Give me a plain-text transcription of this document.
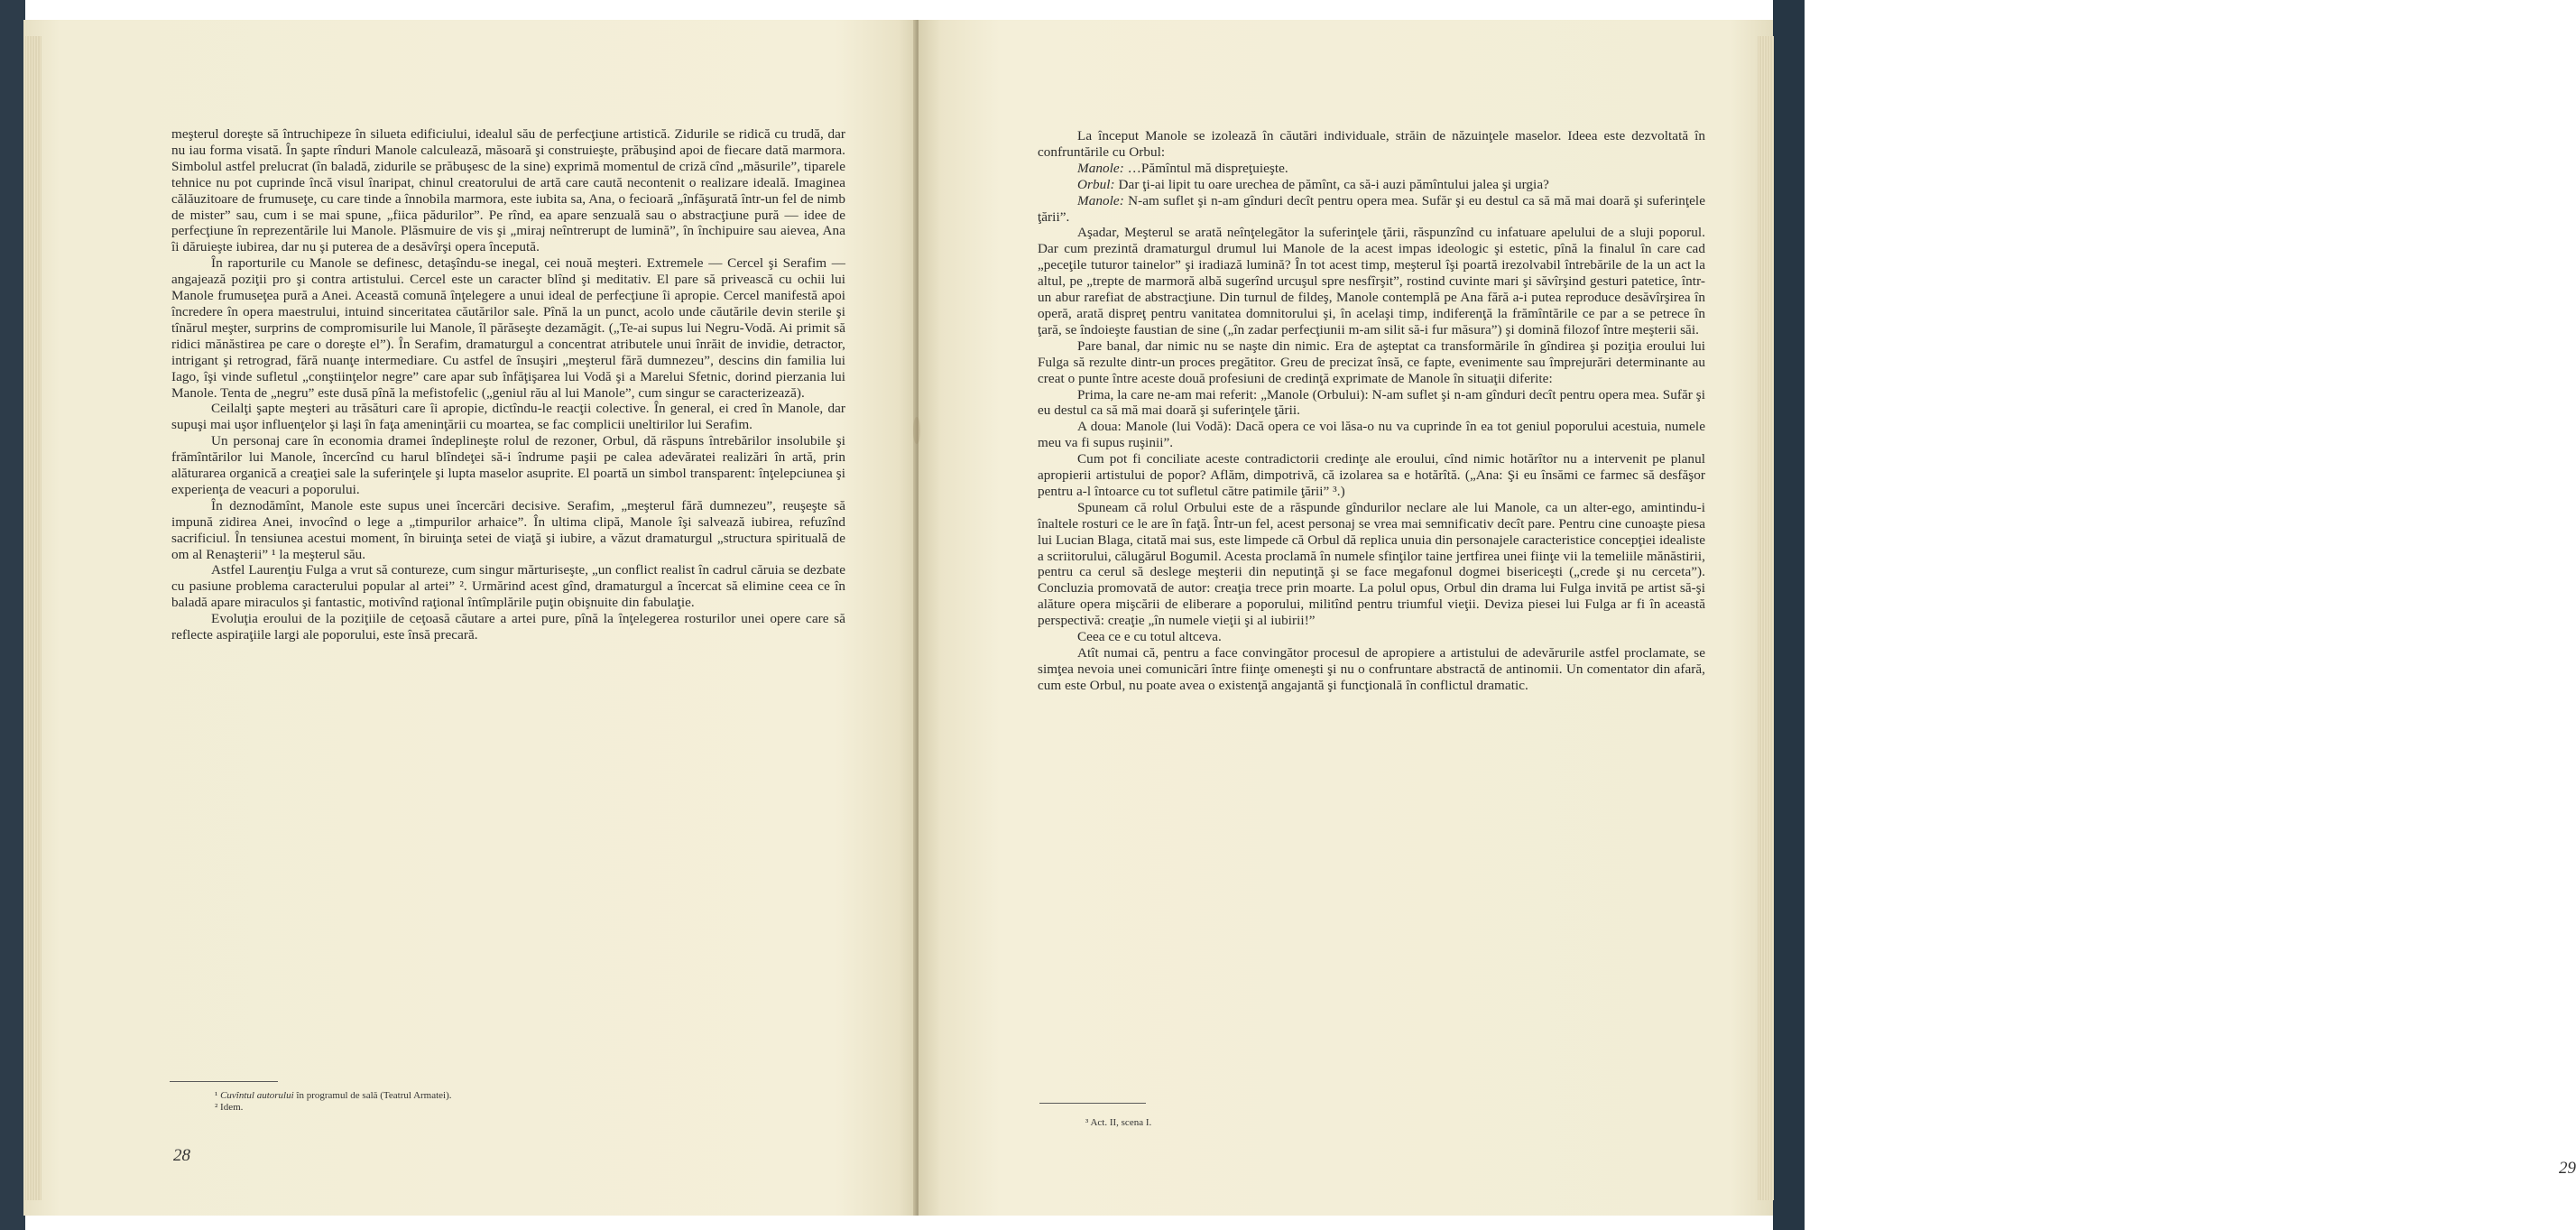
meşterul doreşte să întruchipeze în silueta edificiului, idealul său de perfecţiune artistică. Zidurile se ridică cu trudă, dar nu iau forma visată. În şapte rînduri Manole calculează, măsoară şi construieşte, prăbuşind apoi de fiecare dată marmora. Simbolul astfel prelucrat (în baladă, zidurile se prăbuşesc de la sine) exprimă momentul de criză cînd „măsurile”, tiparele tehnice nu pot cuprinde încă visul înaripat, chinul creatorului de artă care caută necontenit o realizare ideală. Imaginea călăuzitoare de frumuseţe, cu care tinde a înnobila marmora, este iubita sa, Ana, o fecioară „înfăşurată într-un fel de nimb de mister” sau, cum i se mai spune, „fiica pădurilor”. Pe rînd, ea apare senzuală sau o abstracţiune pură — idee de perfecţiune în reprezentările lui Manole. Plăsmuire de vis şi „miraj neîntrerupt de lumină”, în închipuire sau aievea, Ana îi dăruieşte iubirea, dar nu şi puterea de a desăvîrşi opera începută.

În raporturile cu Manole se definesc, detaşîndu-se inegal, cei nouă meşteri. Extremele — Cercel şi Serafim — angajează poziţii pro şi contra artistului. Cercel este un caracter blînd şi meditativ. El pare să privească cu ochii lui Manole frumuseţea pură a Anei. Această comună înţelegere a unui ideal de perfecţiune îi apropie. Cercel manifestă apoi încredere în opera maestrului, intuind sinceritatea căutărilor sale. Pînă la un punct, acolo unde căutările devin sterile şi tînărul meşter, surprins de compromisurile lui Manole, îl părăseşte dezamăgit. („Te-ai supus lui Negru-Vodă. Ai primit să ridici mănăstirea pe care o doreşte el”). În Serafim, dramaturgul a concentrat atributele unui înrăit de invidie, detractor, intrigant şi retrograd, fără nuanţe intermediare. Cu astfel de însuşiri „meşterul fără dumnezeu”, descins din familia lui Iago, îşi vinde sufletul „conştiinţelor negre” care apar sub înfăţişarea lui Vodă şi a Marelui Sfetnic, dorind pierzania lui Manole. Tenta de „negru” este dusă pînă la mefistofelic („geniul rău al lui Manole”, cum singur se caracterizează).

Ceilalţi şapte meşteri au trăsături care îi apropie, dictîndu-le reacţii colective. În general, ei cred în Manole, dar supuşi mai uşor influenţelor şi laşi în faţa ameninţării cu moartea, se fac complicii uneltirilor lui Serafim.

Un personaj care în economia dramei îndeplineşte rolul de rezoner, Orbul, dă răspuns întrebărilor insolubile şi frămîntărilor lui Manole, încercînd cu harul blîndeţei să-i îndrume paşii pe calea adevăratei realizări în artă, prin alăturarea organică a creaţiei sale la suferinţele şi lupta maselor asuprite. El poartă un simbol transparent: înţelepciunea şi experienţa de veacuri a poporului.

În deznodămînt, Manole este supus unei încercări decisive. Serafim, „meşterul fără dumnezeu”, reuşeşte să impună zidirea Anei, invocînd o lege a „timpurilor arhaice”. În ultima clipă, Manole îşi salvează iubirea, refuzînd sacrificiul. În tensiunea acestui moment, în biruinţa setei de viaţă şi iubire, a văzut dramaturgul „structura spirituală de om al Renaşterii” ¹ la meşterul său.

Astfel Laurenţiu Fulga a vrut să contureze, cum singur mărturiseşte, „un conflict realist în cadrul căruia se dezbate cu pasiune problema caracterului popular al artei” ². Urmărind acest gînd, dramaturgul a încercat să elimine ceea ce în baladă apare miraculos şi fantastic, motivînd raţional întîmplările puţin obişnuite din fabulaţie.

Evoluţia eroului de la poziţiile de ceţoasă căutare a artei pure, pînă la înţelegerea rosturilor unei opere care să reflecte aspiraţiile largi ale poporului, este însă precară.

¹ Cuvîntul autorului în programul de sală (Teatrul Armatei).
² Idem.
28

La început Manole se izolează în căutări individuale, străin de năzuinţele maselor. Ideea este dezvoltată în confruntările cu Orbul:

Manole: …Pămîntul mă dispreţuieşte.

Orbul: Dar ţi-ai lipit tu oare urechea de pămînt, ca să-i auzi pămîntului jalea şi urgia?

Manole: N-am suflet şi n-am gînduri decît pentru opera mea. Sufăr şi eu destul ca să mă mai doară şi suferinţele ţării”.

Aşadar, Meşterul se arată neînţelegător la suferinţele ţării, răspunzînd cu infatuare apelului de a sluji poporul. Dar cum prezintă dramaturgul drumul lui Manole de la acest impas ideologic şi estetic, pînă la finalul în care cad „peceţile tuturor tainelor” şi iradiază lumină? În tot acest timp, meşterul îşi poartă irezolvabil întrebările de la un act la altul, pe „trepte de marmoră albă sugerînd urcuşul spre nesfîrşit”, rostind cuvinte mari şi săvîrşind gesturi patetice, într-un abur rarefiat de abstracţiune. Din turnul de fildeş, Manole contemplă pe Ana fără a-i putea reproduce desăvîrşirea în operă, arată dispreţ pentru vanitatea domnitorului şi, în acelaşi timp, indiferenţă la frămîntările ce par a se petrece în ţară, se îndoieşte faustian de sine („în zadar perfecţiunii m-am silit să-i fur măsura”) şi domină filozof între meşterii săi.

Pare banal, dar nimic nu se naşte din nimic. Era de aşteptat ca transformările în gîndirea şi poziţia eroului lui Fulga să rezulte dintr-un proces pregătitor. Greu de precizat însă, ce fapte, evenimente sau împrejurări determinante au creat o punte între aceste două profesiuni de credinţă exprimate de Manole în situaţii diferite:

Prima, la care ne-am mai referit: „Manole (Orbului): N-am suflet şi n-am gînduri decît pentru opera mea. Sufăr şi eu destul ca să mă mai doară şi suferinţele ţării.

A doua: Manole (lui Vodă): Dacă opera ce voi lăsa-o nu va cuprinde în ea tot geniul poporului acestuia, numele meu va fi supus ruşinii”.

Cum pot fi conciliate aceste contradictorii credinţe ale eroului, cînd nimic hotărîtor nu a intervenit pe planul apropierii artistului de popor? Aflăm, dimpotrivă, că izolarea sa e hotărîtă. („Ana: Şi eu însămi ce farmec să desfăşor pentru a-l întoarce cu tot sufletul către patimile ţării” ³.)

Spuneam că rolul Orbului este de a răspunde gîndurilor neclare ale lui Manole, ca un alter-ego, amintindu-i înaltele rosturi ce le are în faţă. Într-un fel, acest personaj se vrea mai semnificativ decît pare. Pentru cine cunoaşte piesa lui Lucian Blaga, citată mai sus, este limpede că Orbul dă replica unuia din personajele caracteristice concepţiei idealiste a scriitorului, călugărul Bogumil. Acesta proclamă în numele sfinţilor taine jertfirea unei fiinţe vii la temeliile mănăstirii, pentru ca cerul să deslege meşterii din neputinţă şi se face megafonul dogmei bisericeşti („crede şi nu cerceta”). Concluzia promovată de autor: creaţia trece prin moarte. La polul opus, Orbul din drama lui Fulga invită pe artist să-şi alăture opera mişcării de eliberare a poporului, militînd pentru triumful vieţii. Deviza piesei lui Fulga ar fi în această perspectivă: creaţie „în numele vieţii şi al iubirii!”

Ceea ce e cu totul altceva.

Atît numai că, pentru a face convingător procesul de apropiere a artistului de adevărurile astfel proclamate, se simţea nevoia unei comunicări între fiinţe omeneşti şi nu o confruntare abstractă de antinomii. Un comentator din afară, cum este Orbul, nu poate avea o existenţă angajantă şi funcţională în conflictul dramatic.

³ Act. II, scena I.
29
